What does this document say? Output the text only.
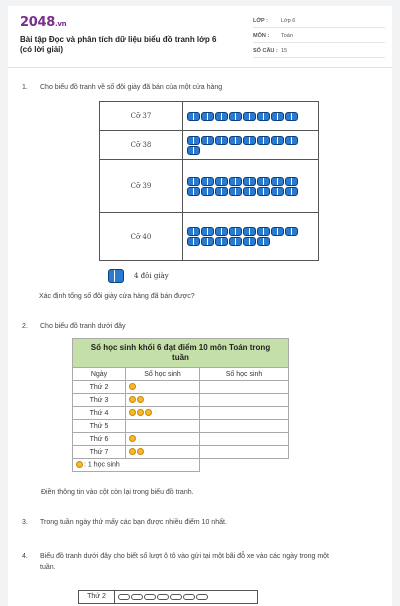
2048.vn
Bài tập Đọc và phân tích dữ liệu biểu đồ tranh lớp 6 (có lời giải)
LỚP :	Lớp 6
MÔN :	Toán
SỐ CÂU : 15
1. Cho biểu đồ tranh về số đôi giày đã bán của một cửa hàng
Cỡ 37	
Cỡ 38	

Cỡ 39	

Cỡ 40	

4 đôi giày
Xác định tổng số đôi giày cửa hàng đã bán được?
2. Cho biểu đồ tranh dưới đây
Số học sinh khối 6 đạt điểm 10 môn Toán trong tuần		
Ngày	Số học sinh	Số học sinh
Thứ 2		
Thứ 3		
Thứ 4		
Thứ 5		
Thứ 6		
Thứ 7		
: 1 học sinh		
Điền thông tin vào cột còn lại trong biểu đồ tranh.
3. Trong tuần ngày thứ mấy các bạn được nhiều điểm 10 nhất.
4. Biểu đồ tranh dưới đây cho biết số lượt ô tô vào gửi tại một bãi đỗ xe vào các ngày trong một
tuần.
Thứ 2
